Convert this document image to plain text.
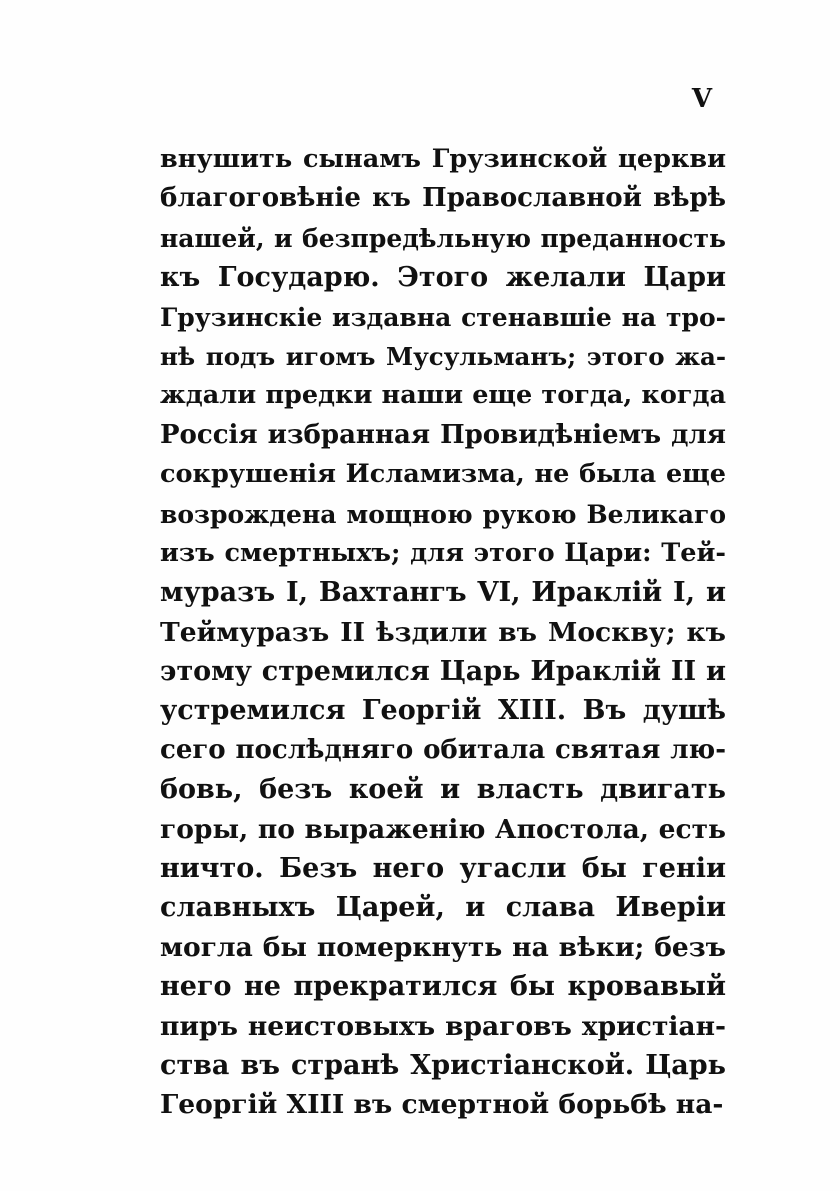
V
внушить сынамъ Грузинской церкви
благоговѣніе къ Православной вѣрѣ
нашей, и безпредѣльную преданность
къ Государю. Этого желали Цари
Грузинскіе издавна стенавшіе на тро-
нѣ подъ игомъ Мусульманъ; этого жа-
ждали предки наши еще тогда, когда
Россія избранная Провидѣніемъ для
сокрушенія Исламизма, не была еще
возрождена мощною рукою Великаго
изъ смертныхъ; для этого Цари: Тей-
муразъ I, Вахтангъ VI, Ираклій I, и
Теймуразъ II ѣздили въ Москву; къ
этому стремился Царь Ираклій II и
устремился Георгій XIII. Въ душѣ
сего послѣдняго обитала святая лю-
бовь, безъ коей и власть двигать
горы, по выраженію Апостола, есть
ничто. Безъ него угасли бы геніи
славныхъ Царей, и слава Иверіи
могла бы померкнуть на вѣки; безъ
него не прекратился бы кровавый
пиръ неистовыхъ враговъ христіан-
ства въ странѣ Христіанской. Царь
Георгій XIII въ смертной борьбѣ на-
